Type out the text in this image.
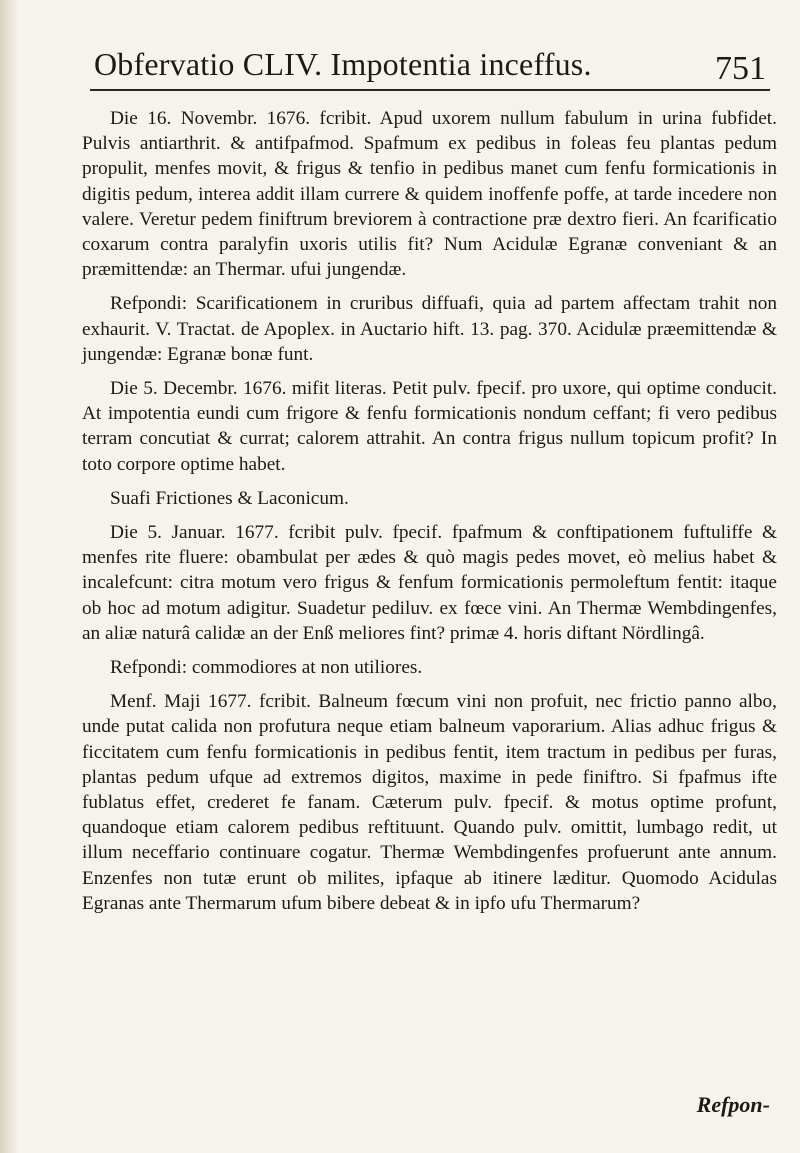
Obfervatio CLIV. Impotentia inceffus.	751

Die 16. Novembr. 1676. fcribit. Apud uxorem nullum fabulum in urina fubfidet. Pulvis antiarthrit. & antifpafmod. Spafmum ex pedibus in foleas feu plantas pedum propulit, menfes movit, & frigus & tenfio in pedibus manet cum fenfu formicationis in digitis pedum, interea addit illam currere & quidem inoffenfe poffe, at tarde incedere non valere. Veretur pedem finiftrum breviorem à contractione præ dextro fieri. An fcarificatio coxarum contra paralyfin uxoris utilis fit? Num Acidulæ Egranæ conveniant & an præmittendæ: an Thermar. ufui jungendæ.

Refpondi: Scarificationem in cruribus diffuafi, quia ad partem affectam trahit non exhaurit. V. Tractat. de Apoplex. in Auctario hift. 13. pag. 370. Acidulæ præemittendæ & jungendæ: Egranæ bonæ funt.

Die 5. Decembr. 1676. mifit literas. Petit pulv. fpecif. pro uxore, qui optime conducit. At impotentia eundi cum frigore & fenfu formicationis nondum ceffant; fi vero pedibus terram concutiat & currat; calorem attrahit. An contra frigus nullum topicum profit? In toto corpore optime habet.

Suafi Frictiones & Laconicum.

Die 5. Januar. 1677. fcribit pulv. fpecif. fpafmum & conftipationem fuftuliffe & menfes rite fluere: obambulat per ædes & quò magis pedes movet, eò melius habet & incalefcunt: citra motum vero frigus & fenfum formicationis permoleftum fentit: itaque ob hoc ad motum adigitur. Suadetur pediluv. ex fœce vini. An Thermæ Wembdingenfes, an aliæ naturâ calidæ an der Enß meliores fint? primæ 4. horis diftant Nördlingâ.

Refpondi: commodiores at non utiliores.

Menf. Maji 1677. fcribit. Balneum fœcum vini non profuit, nec frictio panno albo, unde putat calida non profutura neque etiam balneum vaporarium. Alias adhuc frigus & ficcitatem cum fenfu formicationis in pedibus fentit, item tractum in pedibus per furas, plantas pedum ufque ad extremos digitos, maxime in pede finiftro. Si fpafmus ifte fublatus effet, crederet fe fanam. Cæterum pulv. fpecif. & motus optime profunt, quandoque etiam calorem pedibus reftituunt. Quando pulv. omittit, lumbago redit, ut illum neceffario continuare cogatur. Thermæ Wembdingenfes profuerunt ante annum. Enzenfes non tutæ erunt ob milites, ipfaque ab itinere læditur. Quomodo Acidulas Egranas ante Thermarum ufum bibere debeat & in ipfo ufu Thermarum?

Refpon-
